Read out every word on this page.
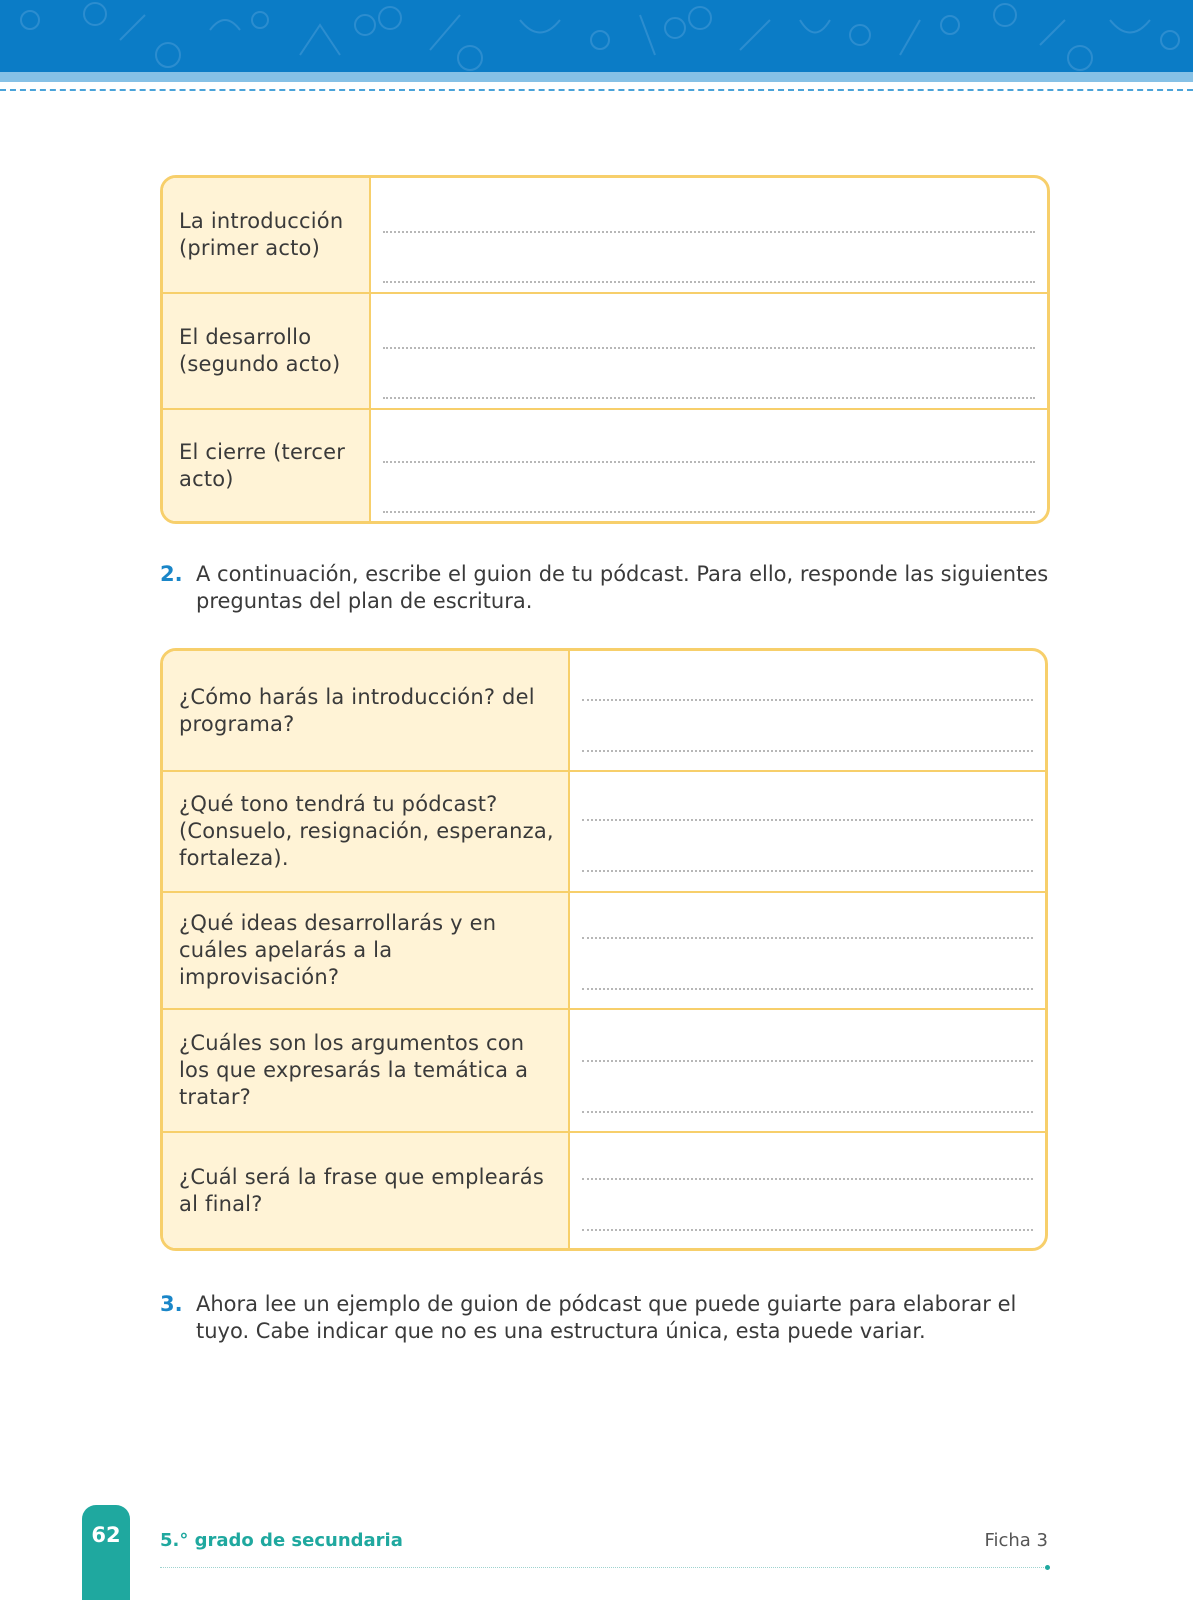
La introducción (primer acto)
El desarrollo (segundo acto)
El cierre (tercer acto)
2. A continuación, escribe el guion de tu pódcast. Para ello, responde las siguientes preguntas del plan de escritura.
¿Cómo harás la introducción? del programa?
¿Qué tono tendrá tu pódcast? (Consuelo, resignación, esperanza, fortaleza).
¿Qué ideas desarrollarás y en cuáles apelarás a la improvisación?
¿Cuáles son los argumentos con los que expresarás la temática a tratar?
¿Cuál será la frase que emplearás al final?
3. Ahora lee un ejemplo de guion de pódcast que puede guiarte para elaborar el tuyo. Cabe indicar que no es una estructura única, esta puede variar.
62 5.° grado de secundaria	Ficha 3
